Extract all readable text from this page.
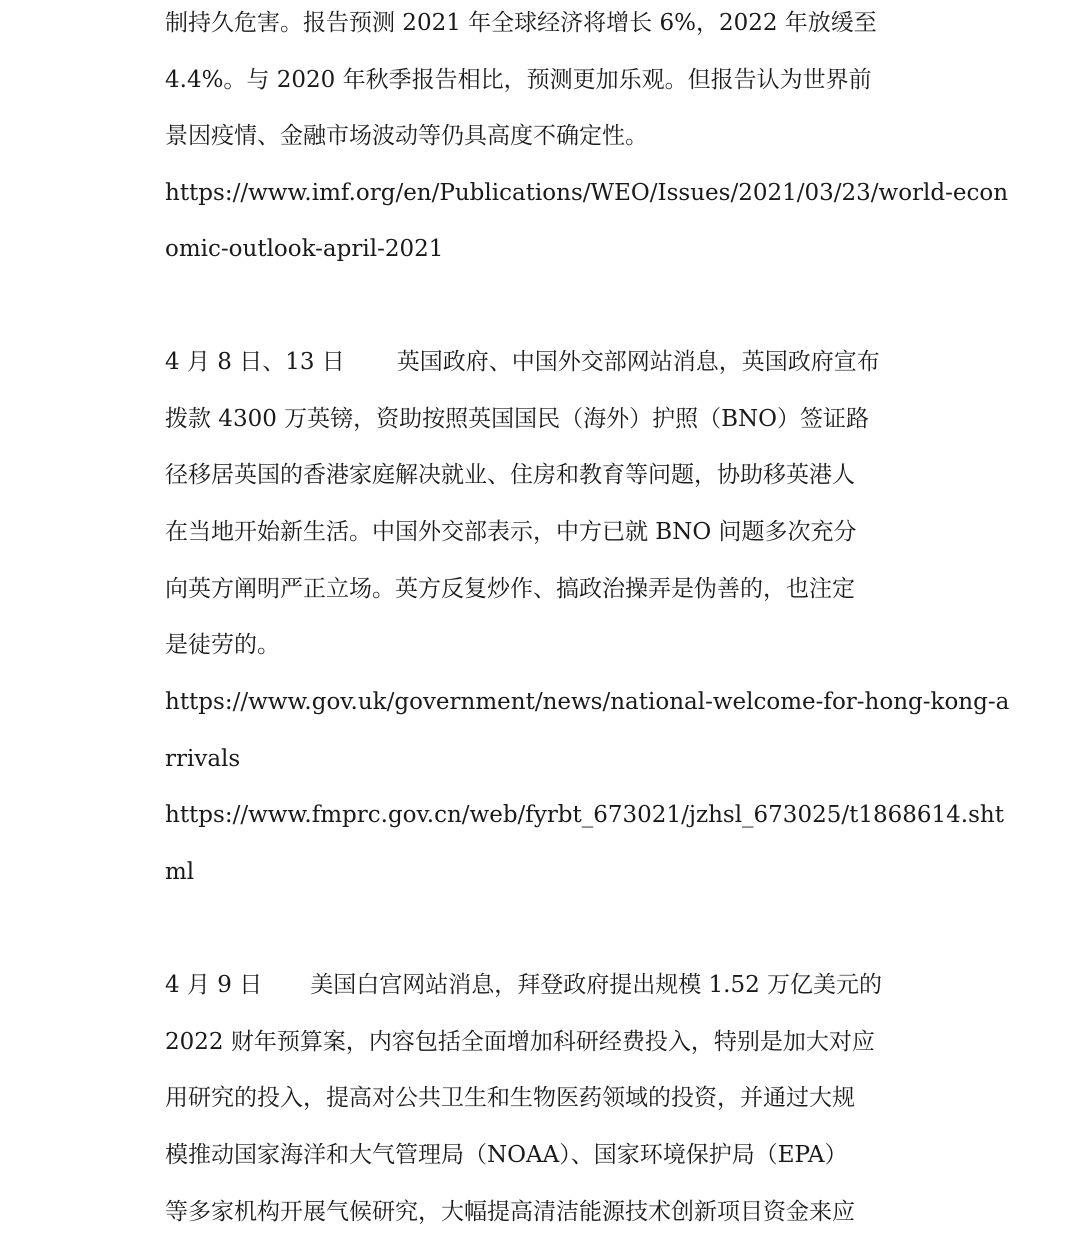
制持久危害。报告预测 2021 年全球经济将增长 6%，2022 年放缓至
4.4%。与 2020 年秋季报告相比，预测更加乐观。但报告认为世界前
景因疫情、金融市场波动等仍具高度不确定性。
https://www.imf.org/en/Publications/WEO/Issues/2021/03/23/world-econ
omic-outlook-april-2021
4 月 8 日、13 日 英国政府、中国外交部网站消息，英国政府宣布
拨款 4300 万英镑，资助按照英国国民（海外）护照（BNO）签证路
径移居英国的香港家庭解决就业、住房和教育等问题，协助移英港人
在当地开始新生活。中国外交部表示，中方已就 BNO 问题多次充分
向英方阐明严正立场。英方反复炒作、搞政治操弄是伪善的，也注定
是徒劳的。
https://www.gov.uk/government/news/national-welcome-for-hong-kong-a
rrivals
https://www.fmprc.gov.cn/web/fyrbt_673021/jzhsl_673025/t1868614.sht
ml
4 月 9 日 美国白宫网站消息，拜登政府提出规模 1.52 万亿美元的
2022 财年预算案，内容包括全面增加科研经费投入，特别是加大对应
用研究的投入，提高对公共卫生和生物医药领域的投资，并通过大规
模推动国家海洋和大气管理局（NOAA）、国家环境保护局（EPA）
等多家机构开展气候研究，大幅提高清洁能源技术创新项目资金来应
